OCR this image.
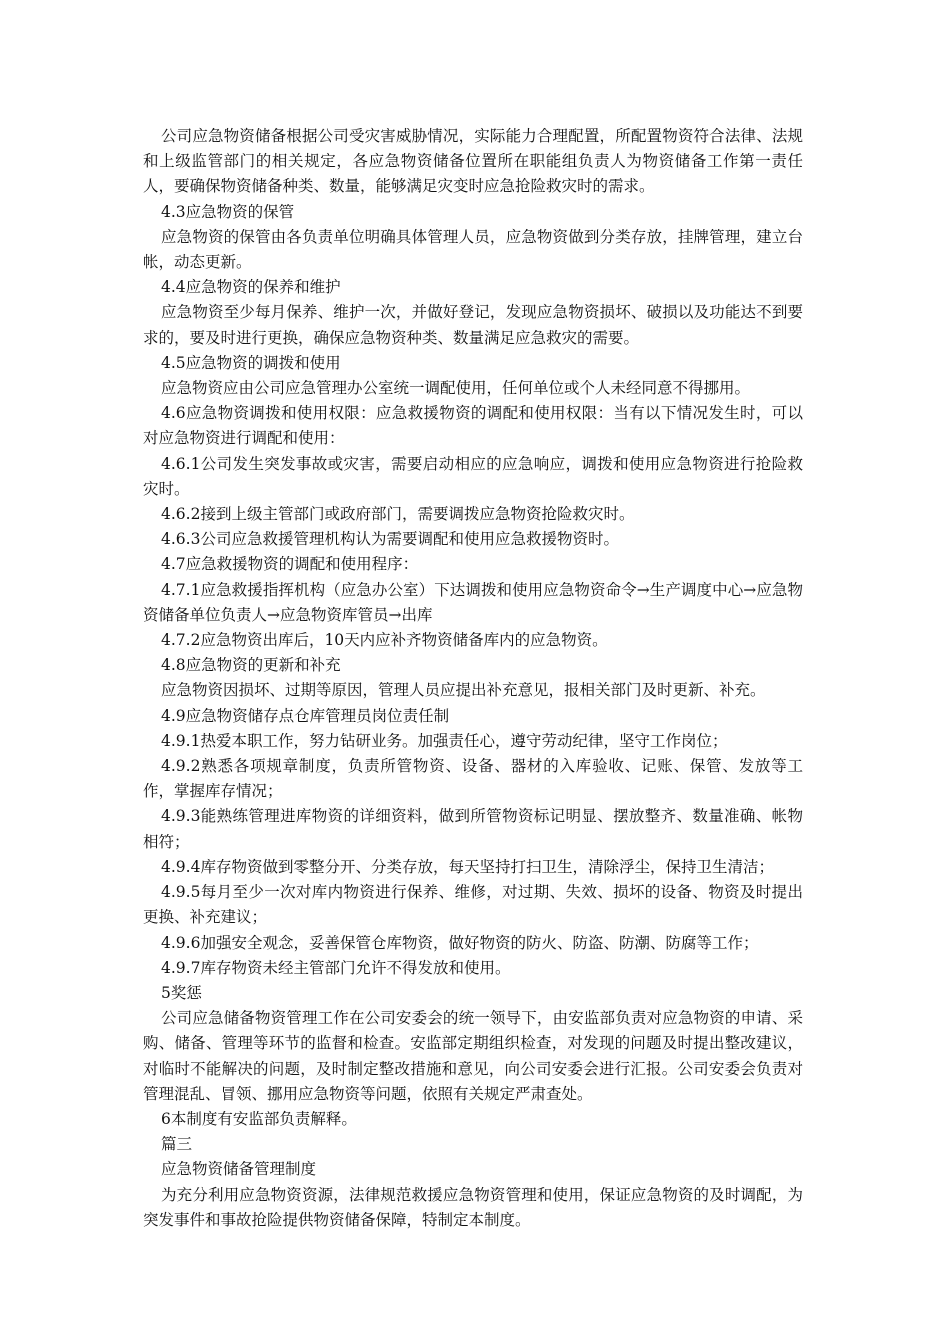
公司应急物资储备根据公司受灾害威胁情况，实际能力合理配置，所配置物资符合法律、法规和上级监管部门的相关规定，各应急物资储备位置所在职能组负责人为物资储备工作第一责任人，要确保物资储备种类、数量，能够满足灾变时应急抢险救灾时的需求。

4.3应急物资的保管

应急物资的保管由各负责单位明确具体管理人员，应急物资做到分类存放，挂牌管理，建立台帐，动态更新。

4.4应急物资的保养和维护

应急物资至少每月保养、维护一次，并做好登记，发现应急物资损坏、破损以及功能达不到要求的，要及时进行更换，确保应急物资种类、数量满足应急救灾的需要。

4.5应急物资的调拨和使用

应急物资应由公司应急管理办公室统一调配使用，任何单位或个人未经同意不得挪用。

4.6应急物资调拨和使用权限：应急救援物资的调配和使用权限：当有以下情况发生时，可以对应急物资进行调配和使用：

4.6.1公司发生突发事故或灾害，需要启动相应的应急响应，调拨和使用应急物资进行抢险救灾时。

4.6.2接到上级主管部门或政府部门，需要调拨应急物资抢险救灾时。

4.6.3公司应急救援管理机构认为需要调配和使用应急救援物资时。

4.7应急救援物资的调配和使用程序：

4.7.1应急救援指挥机构（应急办公室）下达调拨和使用应急物资命令→生产调度中心→应急物资储备单位负责人→应急物资库管员→出库

4.7.2应急物资出库后，10天内应补齐物资储备库内的应急物资。

4.8应急物资的更新和补充

应急物资因损坏、过期等原因，管理人员应提出补充意见，报相关部门及时更新、补充。

4.9应急物资储存点仓库管理员岗位责任制

4.9.1热爱本职工作，努力钻研业务。加强责任心，遵守劳动纪律，坚守工作岗位；

4.9.2熟悉各项规章制度，负责所管物资、设备、器材的入库验收、记账、保管、发放等工作，掌握库存情况；

4.9.3能熟练管理进库物资的详细资料，做到所管物资标记明显、摆放整齐、数量准确、帐物相符；

4.9.4库存物资做到零整分开、分类存放，每天坚持打扫卫生，清除浮尘，保持卫生清洁；

4.9.5每月至少一次对库内物资进行保养、维修，对过期、失效、损坏的设备、物资及时提出更换、补充建议；

4.9.6加强安全观念，妥善保管仓库物资，做好物资的防火、防盗、防潮、防腐等工作；

4.9.7库存物资未经主管部门允许不得发放和使用。

5奖惩

公司应急储备物资管理工作在公司安委会的统一领导下，由安监部负责对应急物资的申请、采购、储备、管理等环节的监督和检查。安监部定期组织检查，对发现的问题及时提出整改建议，对临时不能解决的问题，及时制定整改措施和意见，向公司安委会进行汇报。公司安委会负责对管理混乱、冒领、挪用应急物资等问题，依照有关规定严肃查处。

6本制度有安监部负责解释。

篇三

应急物资储备管理制度

为充分利用应急物资资源，法律规范救援应急物资管理和使用，保证应急物资的及时调配，为突发事件和事故抢险提供物资储备保障，特制定本制度。
